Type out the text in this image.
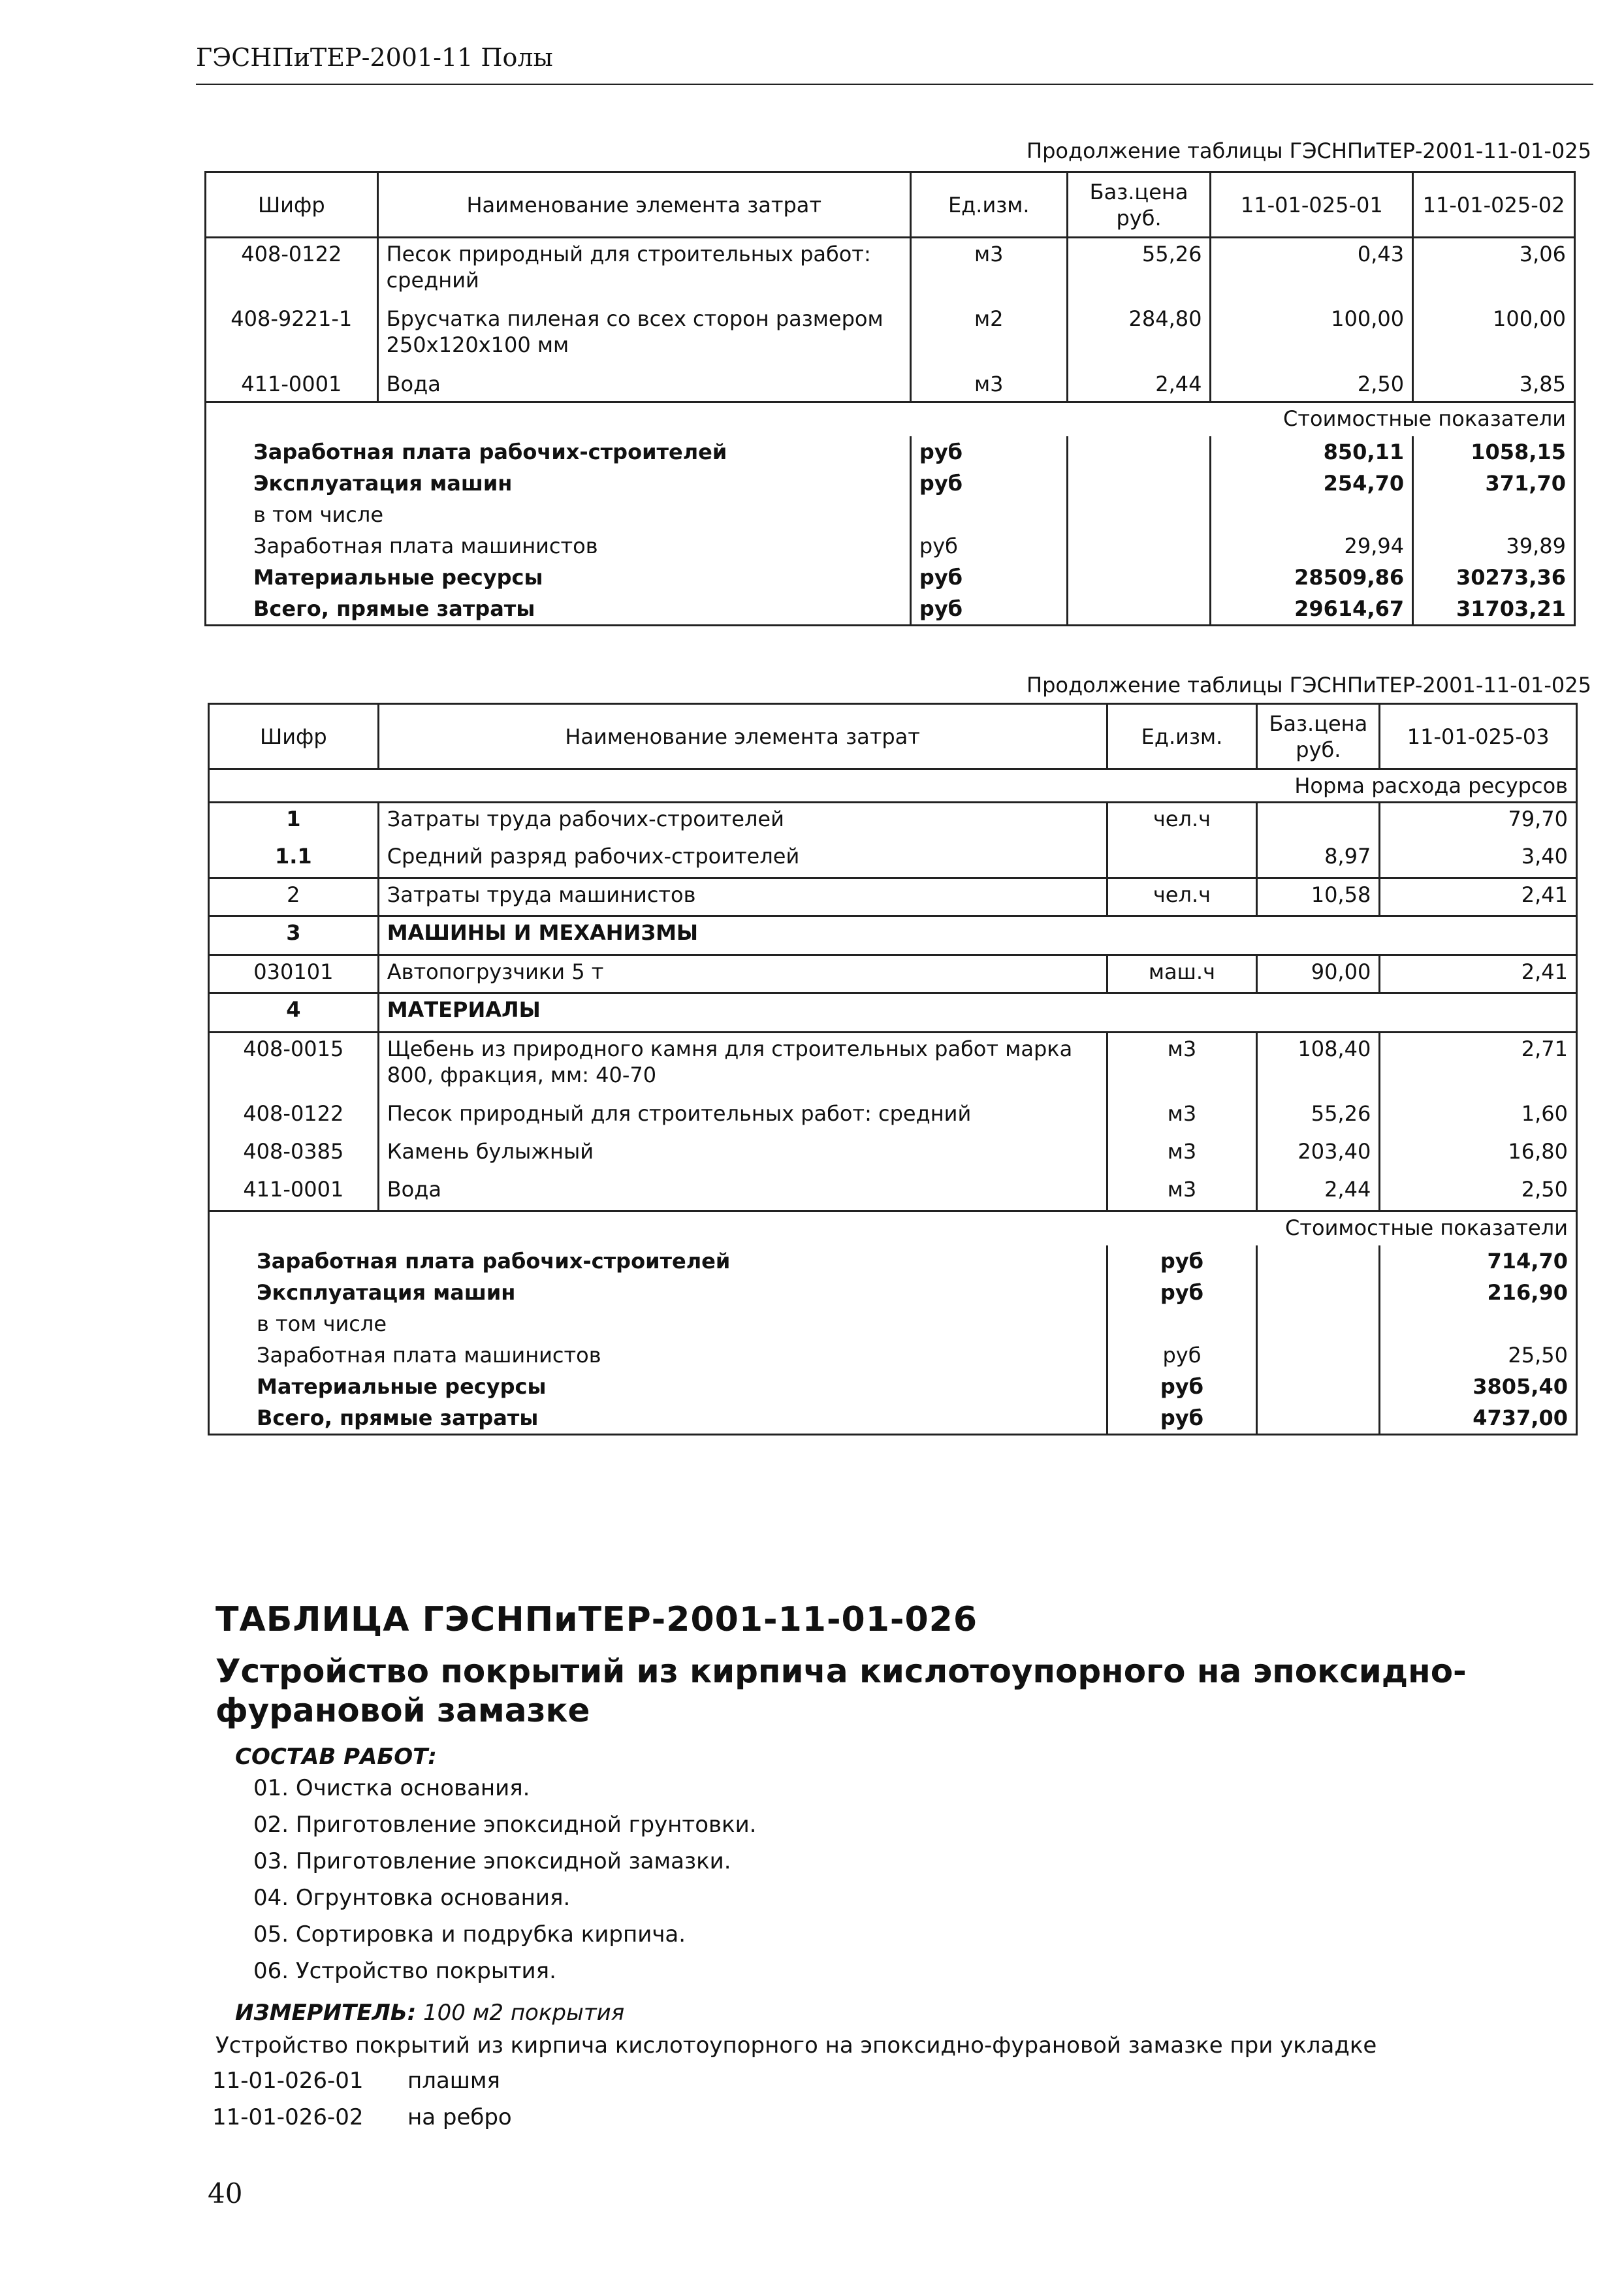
ГЭСНПиТЕР-2001-11 Полы
Продолжение таблицы ГЭСНПиТЕР-2001-11-01-025
Шифр	Наименование элемента затрат	Ед.изм.	Баз.цена руб.	11-01-025-01	11-01-025-02
408-0122	Песок природный для строительных работ: средний	м3	55,26	0,43	3,06
408-9221-1	Брусчатка пиленая со всех сторон размером 250х120х100 мм	м2	284,80	100,00	100,00
411-0001	Вода	м3	2,44	2,50	3,85
Стоимостные показатели					
Заработная плата рабочих-строителей		руб		850,11	1058,15
Эксплуатация машин		руб		254,70	371,70
в том числе					
Заработная плата машинистов		руб		29,94	39,89
Материальные ресурсы		руб		28509,86	30273,36
Всего, прямые затраты		руб		29614,67	31703,21
Продолжение таблицы ГЭСНПиТЕР-2001-11-01-025
Шифр	Наименование элемента затрат	Ед.изм.	Баз.цена руб.	11-01-025-03
Норма расхода ресурсов				
1	Затраты труда рабочих-строителей	чел.ч		79,70
1.1	Средний разряд рабочих-строителей		8,97	3,40
2	Затраты труда машинистов	чел.ч	10,58	2,41
3	МАШИНЫ И МЕХАНИЗМЫ			
030101	Автопогрузчики 5 т	маш.ч	90,00	2,41
4	МАТЕРИАЛЫ			
408-0015	Щебень из природного камня для строительных работ марка 800, фракция, мм: 40-70	м3	108,40	2,71
408-0122	Песок природный для строительных работ: средний	м3	55,26	1,60
408-0385	Камень булыжный	м3	203,40	16,80
411-0001	Вода	м3	2,44	2,50
Стоимостные показатели				
Заработная плата рабочих-строителей		руб		714,70
Эксплуатация машин		руб		216,90
в том числе				
Заработная плата машинистов		руб		25,50
Материальные ресурсы		руб		3805,40
Всего, прямые затраты		руб		4737,00
ТАБЛИЦА ГЭСНПиТЕР-2001-11-01-026
Устройство покрытий из кирпича кислотоупорного на эпоксидно-
фурановой замазке
СОСТАВ РАБОТ:
01. Очистка основания.
02. Приготовление эпоксидной грунтовки.
03. Приготовление эпоксидной замазки.
04. Огрунтовка основания.
05. Сортировка и подрубка кирпича.
06. Устройство покрытия.
ИЗМЕРИТЕЛЬ: 100 м2 покрытия
Устройство покрытий из кирпича кислотоупорного на эпоксидно-фурановой замазке при укладке
11-01-026-01 плашмя
11-01-026-02 на ребро
40
